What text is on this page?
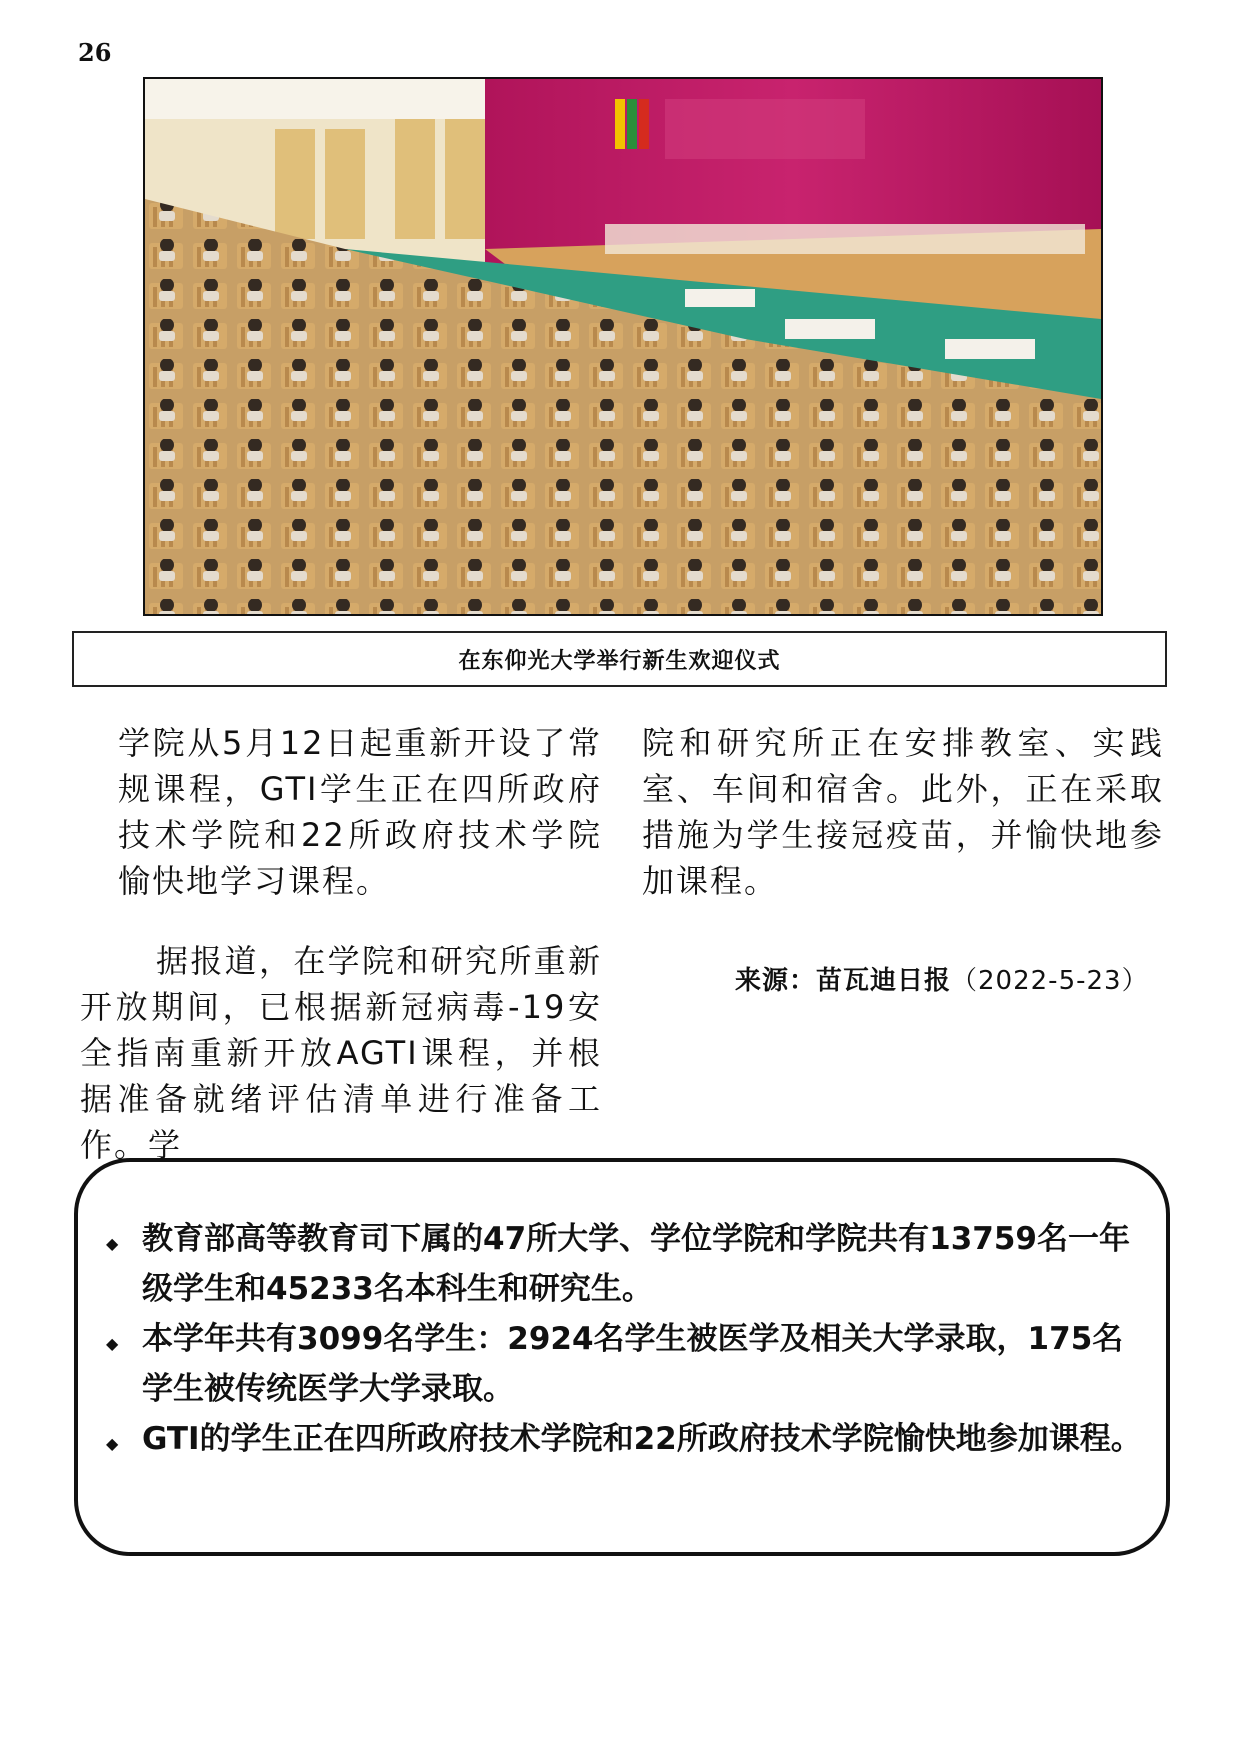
26
在东仰光大学举行新生欢迎仪式

学院从5月12日起重新开设了常规课程，GTI学生正在四所政府技术学院和22所政府技术学院愉快地学习课程。

据报道，在学院和研究所重新开放期间，已根据新冠病毒-19安全指南重新开放AGTI课程，并根据准备就绪评估清单进行准备工作。学

院和研究所正在安排教室、实践室、车间和宿舍。此外，正在采取措施为学生接冠疫苗，并愉快地参加课程。

来源：苗瓦迪日报（2022-5-23）
◆ 教育部高等教育司下属的47所大学、学位学院和学院共有13759名一年级学生和45233名本科生和研究生。
◆ 本学年共有3099名学生：2924名学生被医学及相关大学录取，175名学生被传统医学大学录取。
◆ GTI的学生正在四所政府技术学院和22所政府技术学院愉快地参加课程。
